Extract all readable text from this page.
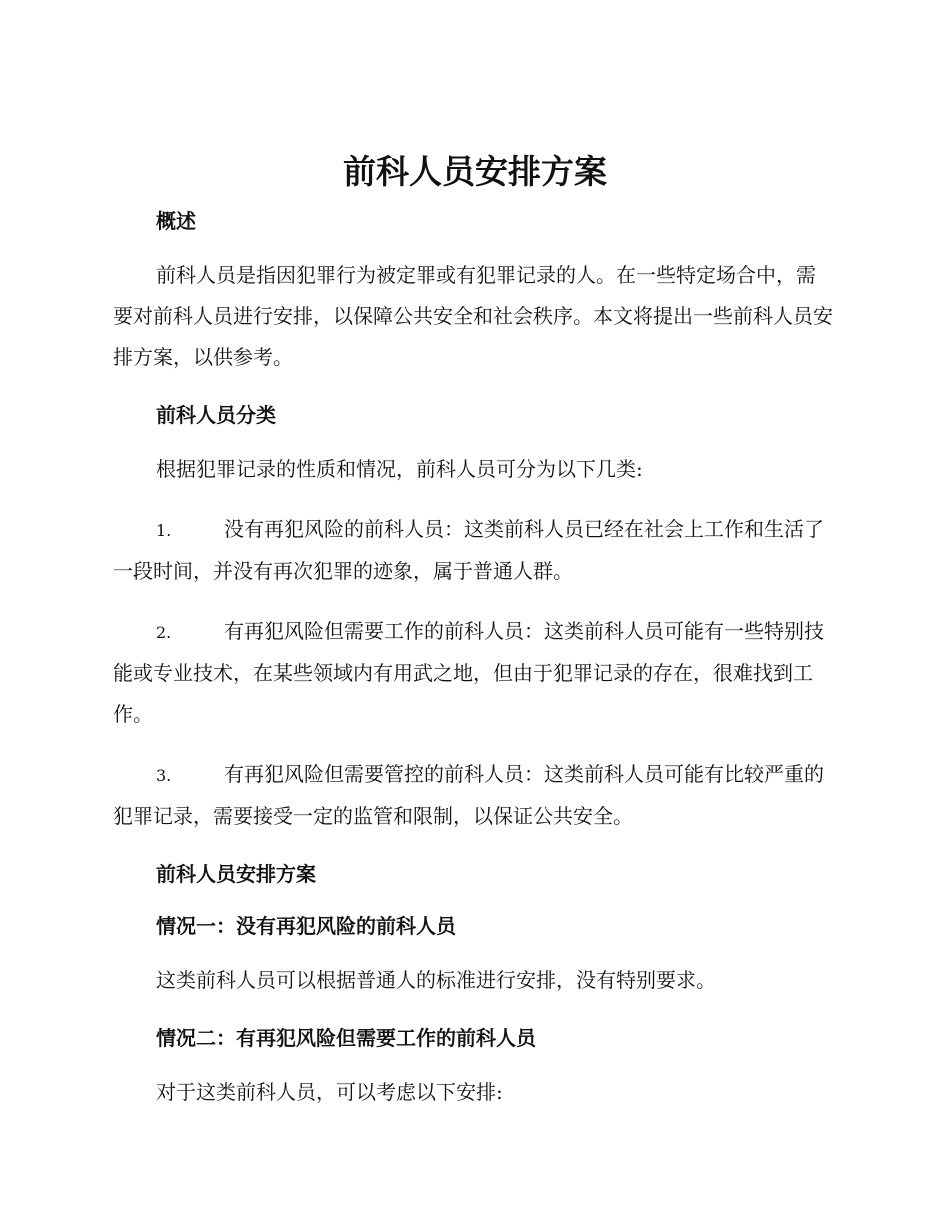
前科人员安排方案

概述

前科人员是指因犯罪行为被定罪或有犯罪记录的人。在一些特定场合中，需要对前科人员进行安排，以保障公共安全和社会秩序。本文将提出一些前科人员安排方案，以供参考。

前科人员分类

根据犯罪记录的性质和情况，前科人员可分为以下几类:

1.	没有再犯风险的前科人员：这类前科人员已经在社会上工作和生活了一段时间，并没有再次犯罪的迹象，属于普通人群。

2.	有再犯风险但需要工作的前科人员：这类前科人员可能有一些特别技能或专业技术，在某些领域内有用武之地，但由于犯罪记录的存在，很难找到工作。

3.	有再犯风险但需要管控的前科人员：这类前科人员可能有比较严重的犯罪记录，需要接受一定的监管和限制，以保证公共安全。

前科人员安排方案

情况一：没有再犯风险的前科人员

这类前科人员可以根据普通人的标准进行安排，没有特别要求。

情况二：有再犯风险但需要工作的前科人员

对于这类前科人员，可以考虑以下安排:
